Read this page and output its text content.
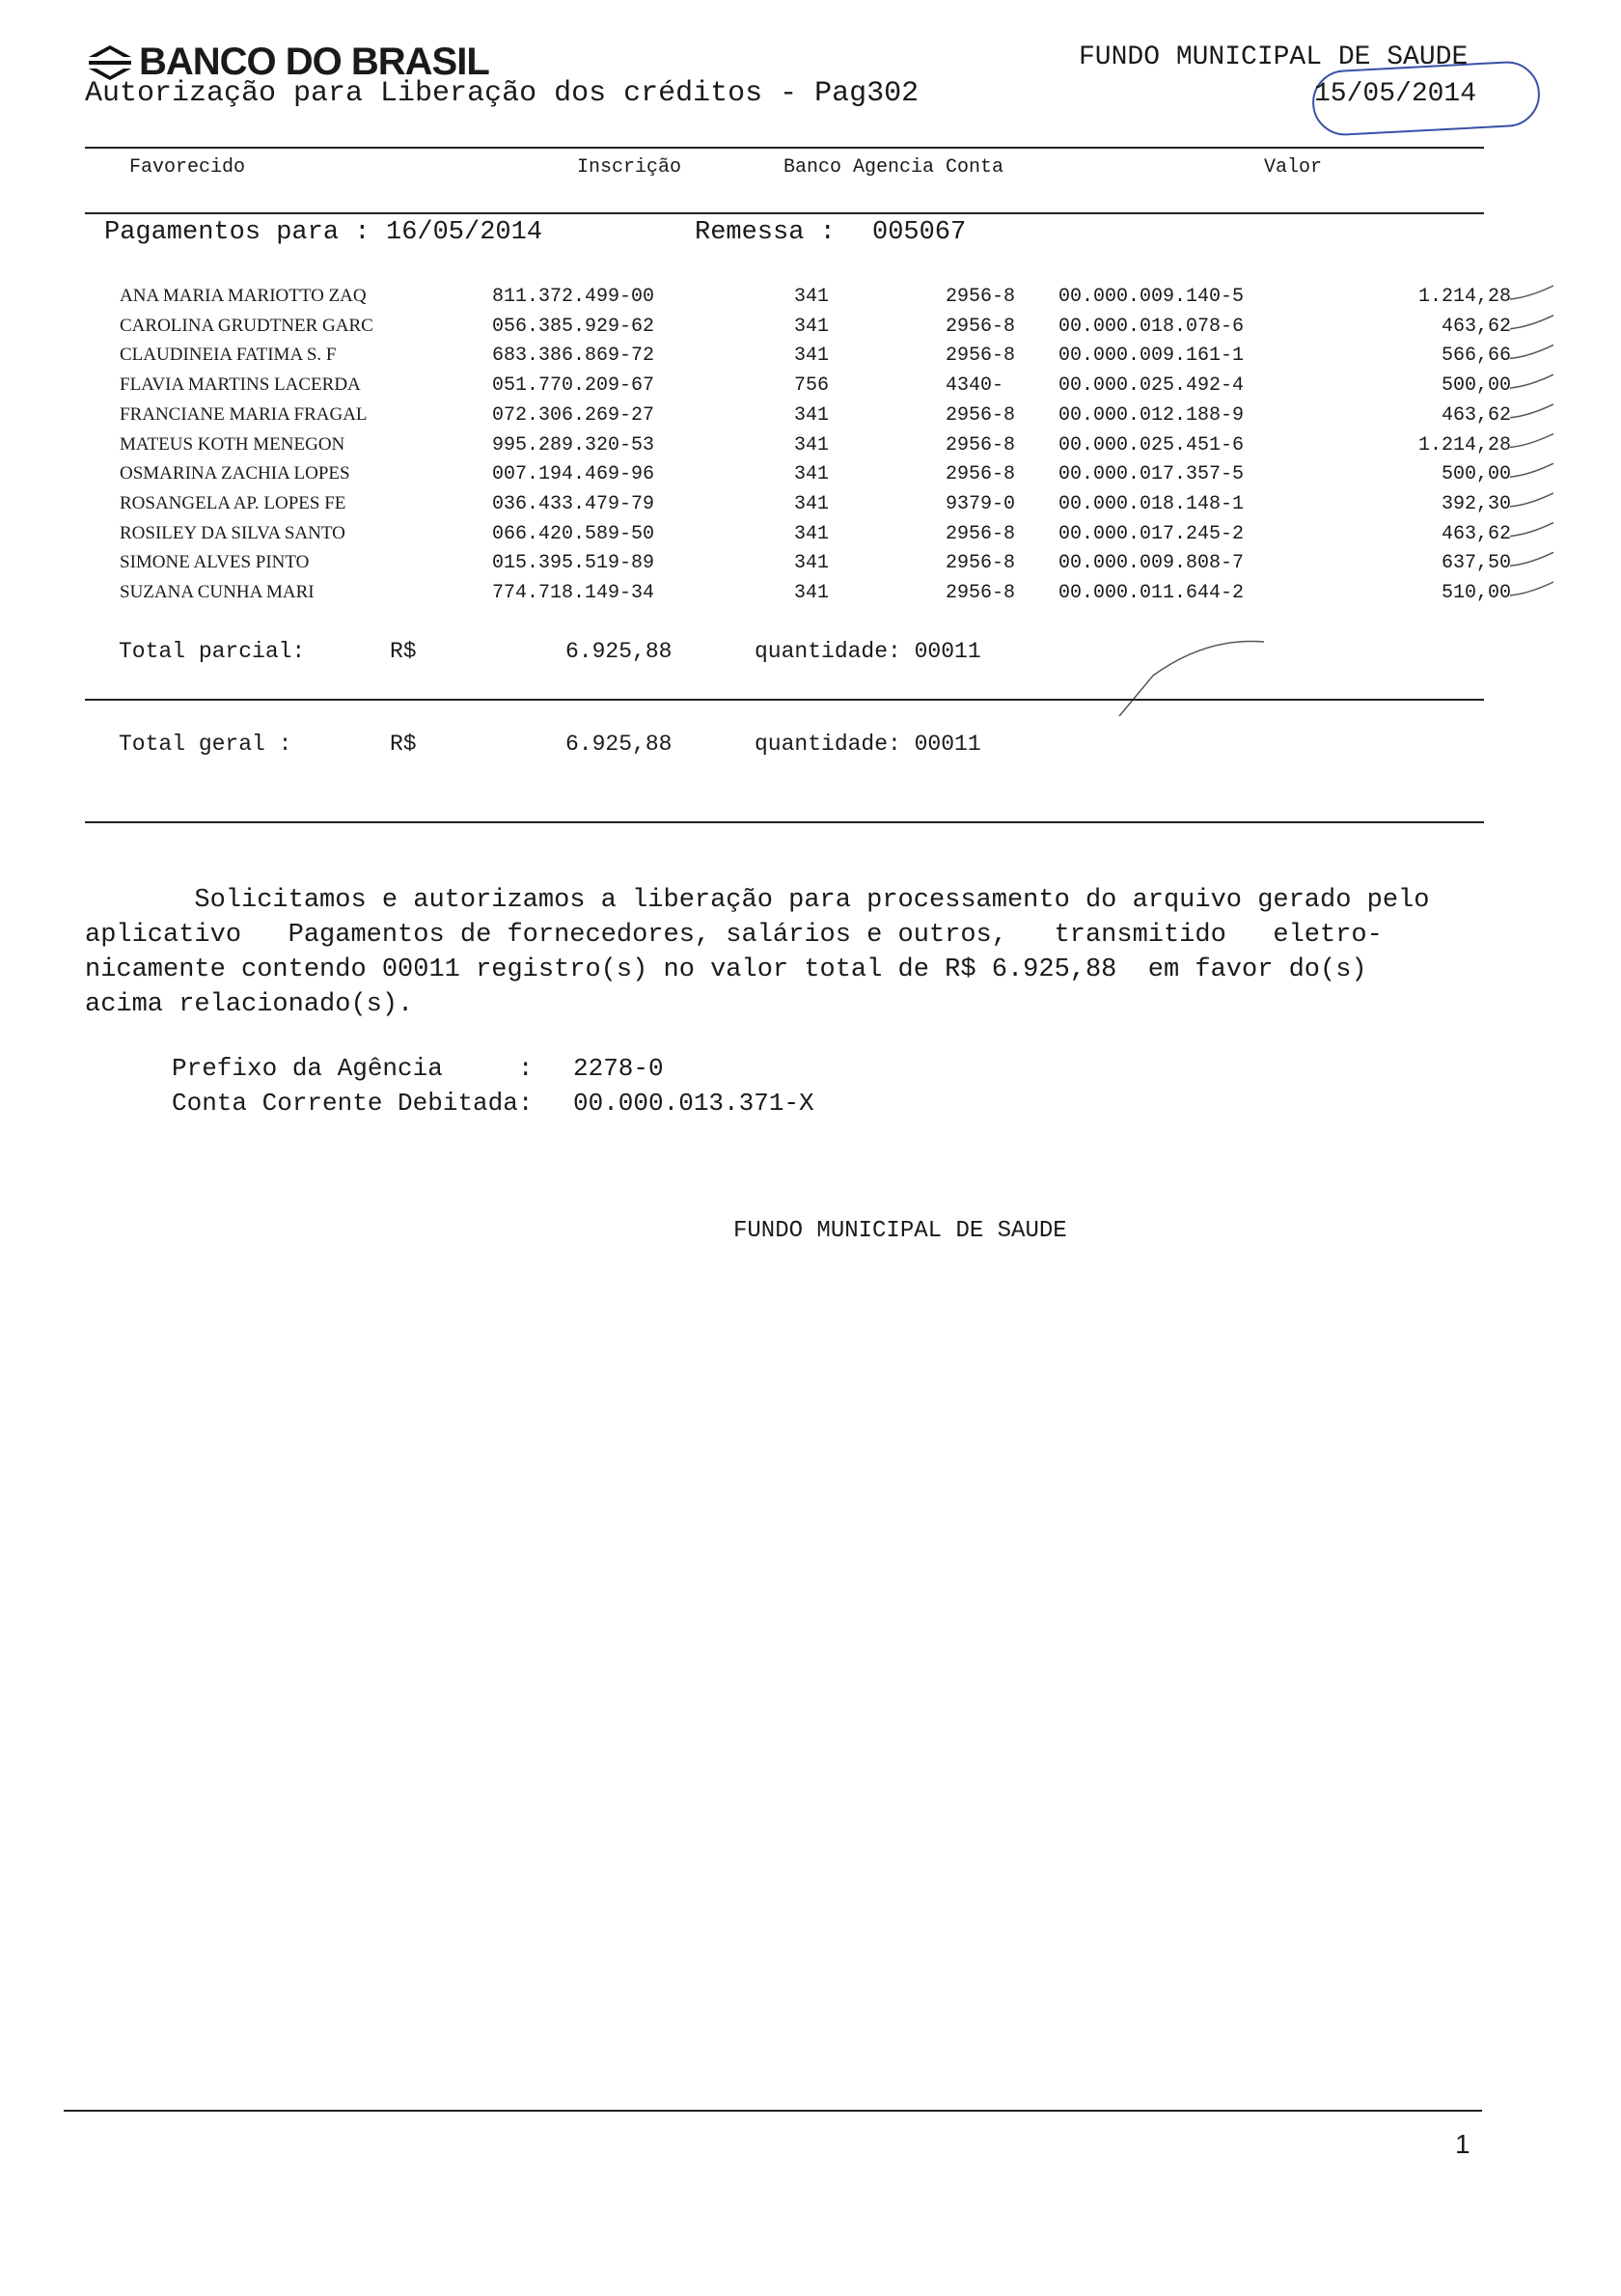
BANCO DO BRASIL
Autorização para Liberação dos créditos - Pag302
FUNDO MUNICIPAL DE SAUDE
15/05/2014
Favorecido	Inscrição	Banco Agencia Conta	Valor
Pagamentos para : 16/05/2014	Remessa : 005067
ANA MARIA MARIOTTO ZAQ	811.372.499-00	341	2956-8 00.000.009.140-5	1.214,28
CAROLINA GRUDTNER GARC	056.385.929-62	341	2956-8 00.000.018.078-6	463,62
CLAUDINEIA FATIMA S. F	683.386.869-72	341	2956-8 00.000.009.161-1	566,66
FLAVIA MARTINS LACERDA	051.770.209-67	756	4340-	00.000.025.492-4	500,00
FRANCIANE MARIA FRAGAL	072.306.269-27	341	2956-8 00.000.012.188-9	463,62
MATEUS KOTH MENEGON	995.289.320-53	341	2956-8 00.000.025.451-6	1.214,28
OSMARINA ZACHIA LOPES	007.194.469-96	341	2956-8 00.000.017.357-5	500,00
ROSANGELA AP. LOPES FE	036.433.479-79	341	9379-0 00.000.018.148-1	392,30
ROSILEY DA SILVA SANTO	066.420.589-50	341	2956-8 00.000.017.245-2	463,62
SIMONE ALVES PINTO	015.395.519-89	341	2956-8 00.000.009.808-7	637,50
SUZANA CUNHA MARI	774.718.149-34	341	2956-8 00.000.011.644-2	510,00
Total parcial:	R$	6.925,88	quantidade: 00011
Total geral :	R$	6.925,88	quantidade: 00011
Solicitamos e autorizamos a liberação para processamento do arquivo gerado pelo
aplicativo   Pagamentos de fornecedores, salários e outros,   transmitido   eletro-
nicamente contendo 00011 registro(s) no valor total de R$ 6.925,88  em favor do(s)
acima relacionado(s).
Prefixo da Agência     : 2278-0
Conta Corrente Debitada: 00.000.013.371-X
FUNDO MUNICIPAL DE SAUDE
1
